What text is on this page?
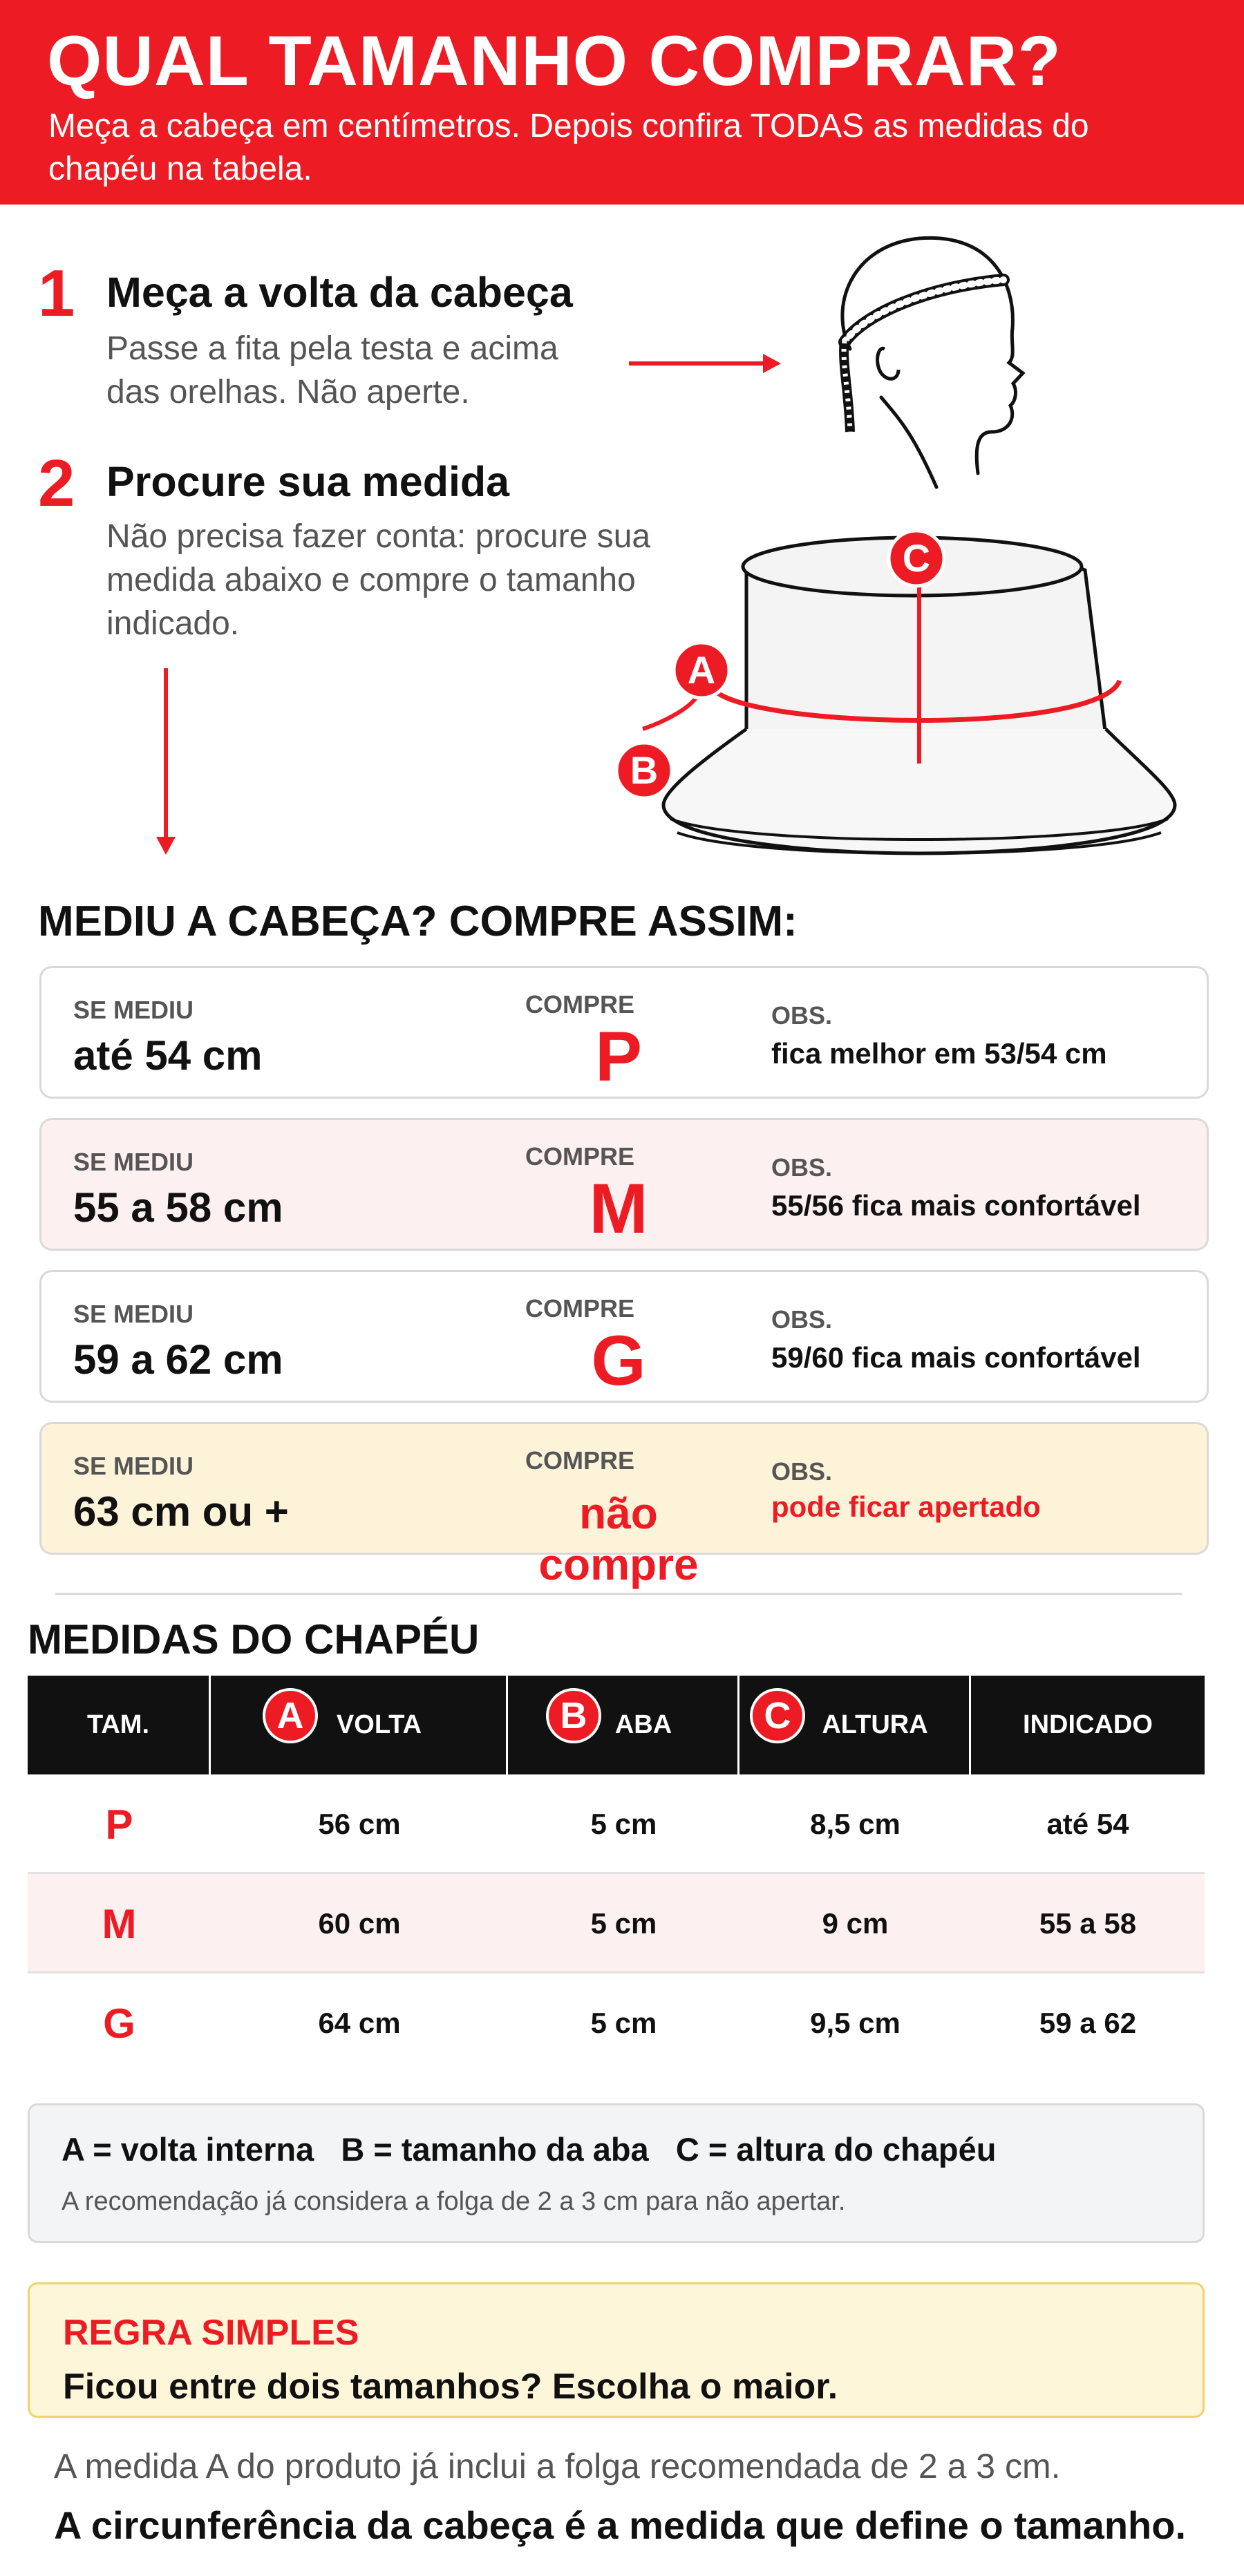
QUAL TAMANHO COMPRAR?
Meça a cabeça em centímetros. Depois confira TODAS as medidas do chapéu na tabela.
1 Meça a volta da cabeça
Passe a fita pela testa e acima das orelhas. Não aperte.
2 Procure sua medida
Não precisa fazer conta: procure sua medida abaixo e compre o tamanho indicado.
C
A
B
MEDIU A CABEÇA? COMPRE ASSIM:
SE MEDIU
até 54 cm
COMPRE
P
OBS.
fica melhor em 53/54 cm
SE MEDIU
55 a 58 cm
COMPRE
M
OBS.
55/56 fica mais confortável
SE MEDIU
59 a 62 cm
COMPRE
G
OBS.
59/60 fica mais confortável
SE MEDIU
63 cm ou +
COMPRE
não compre
OBS.
pode ficar apertado
MEDIDAS DO CHAPÉU
TAM.	VOLTA	ABA	ALTURA	INDICADO
A	B	C
P	56 cm	5 cm	8,5 cm	até 54
M	60 cm	5 cm	9 cm	55 a 58
G	64 cm	5 cm	9,5 cm	59 a 62
A = volta interna   B = tamanho da aba   C = altura do chapéu
A recomendação já considera a folga de 2 a 3 cm para não apertar.
REGRA SIMPLES
Ficou entre dois tamanhos? Escolha o maior.
A medida A do produto já inclui a folga recomendada de 2 a 3 cm.
A circunferência da cabeça é a medida que define o tamanho.
